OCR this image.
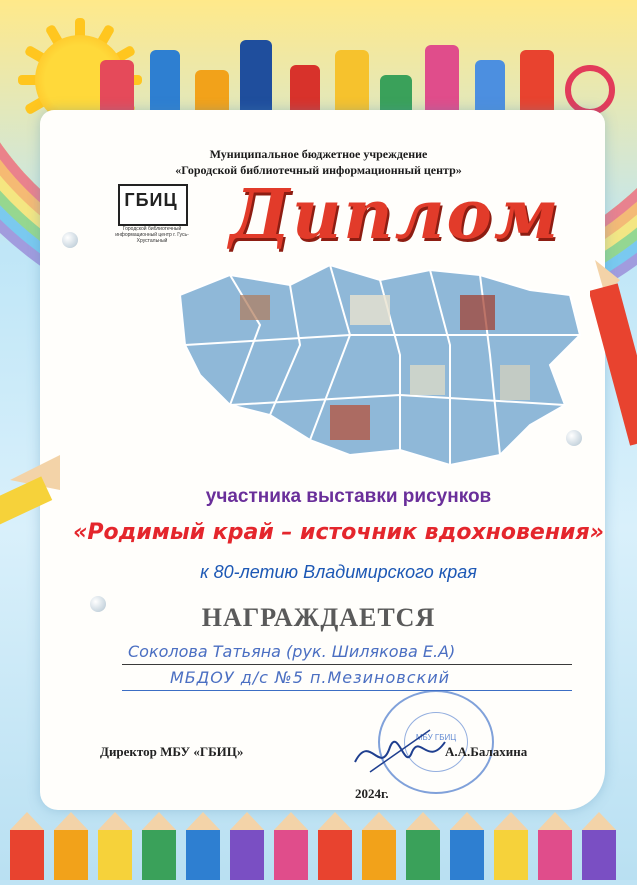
Муниципальное бюджетное учреждение
«Городской библиотечный информационный центр»
ГБИЦ
Городской библиотечный информационный центр г. Гусь-Хрустальный Диплом
участника выставки рисунков
«Родимый край – источник вдохновения»
к 80-летию Владимирского края
НАГРАЖДАЕТСЯ
Соколова Татьяна (рук. Шилякова Е.А)
МБДОУ д/с №5 п.Мезиновский
МБУ ГБИЦ
Директор МБУ «ГБИЦ»	А.А.Балахина
2024г.
